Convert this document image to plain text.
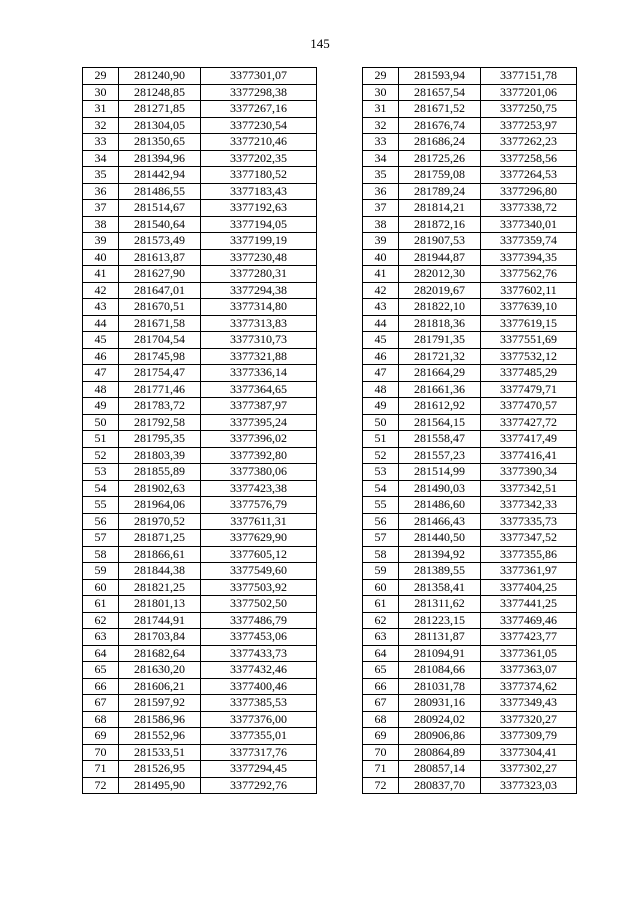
145
29	281240,90	3377301,07
30	281248,85	3377298,38
31	281271,85	3377267,16
32	281304,05	3377230,54
33	281350,65	3377210,46
34	281394,96	3377202,35
35	281442,94	3377180,52
36	281486,55	3377183,43
37	281514,67	3377192,63
38	281540,64	3377194,05
39	281573,49	3377199,19
40	281613,87	3377230,48
41	281627,90	3377280,31
42	281647,01	3377294,38
43	281670,51	3377314,80
44	281671,58	3377313,83
45	281704,54	3377310,73
46	281745,98	3377321,88
47	281754,47	3377336,14
48	281771,46	3377364,65
49	281783,72	3377387,97
50	281792,58	3377395,24
51	281795,35	3377396,02
52	281803,39	3377392,80
53	281855,89	3377380,06
54	281902,63	3377423,38
55	281964,06	3377576,79
56	281970,52	3377611,31
57	281871,25	3377629,90
58	281866,61	3377605,12
59	281844,38	3377549,60
60	281821,25	3377503,92
61	281801,13	3377502,50
62	281744,91	3377486,79
63	281703,84	3377453,06
64	281682,64	3377433,73
65	281630,20	3377432,46
66	281606,21	3377400,46
67	281597,92	3377385,53
68	281586,96	3377376,00
69	281552,96	3377355,01
70	281533,51	3377317,76
71	281526,95	3377294,45
72	281495,90	3377292,76
29	281593,94	3377151,78
30	281657,54	3377201,06
31	281671,52	3377250,75
32	281676,74	3377253,97
33	281686,24	3377262,23
34	281725,26	3377258,56
35	281759,08	3377264,53
36	281789,24	3377296,80
37	281814,21	3377338,72
38	281872,16	3377340,01
39	281907,53	3377359,74
40	281944,87	3377394,35
41	282012,30	3377562,76
42	282019,67	3377602,11
43	281822,10	3377639,10
44	281818,36	3377619,15
45	281791,35	3377551,69
46	281721,32	3377532,12
47	281664,29	3377485,29
48	281661,36	3377479,71
49	281612,92	3377470,57
50	281564,15	3377427,72
51	281558,47	3377417,49
52	281557,23	3377416,41
53	281514,99	3377390,34
54	281490,03	3377342,51
55	281486,60	3377342,33
56	281466,43	3377335,73
57	281440,50	3377347,52
58	281394,92	3377355,86
59	281389,55	3377361,97
60	281358,41	3377404,25
61	281311,62	3377441,25
62	281223,15	3377469,46
63	281131,87	3377423,77
64	281094,91	3377361,05
65	281084,66	3377363,07
66	281031,78	3377374,62
67	280931,16	3377349,43
68	280924,02	3377320,27
69	280906,86	3377309,79
70	280864,89	3377304,41
71	280857,14	3377302,27
72	280837,70	3377323,03
